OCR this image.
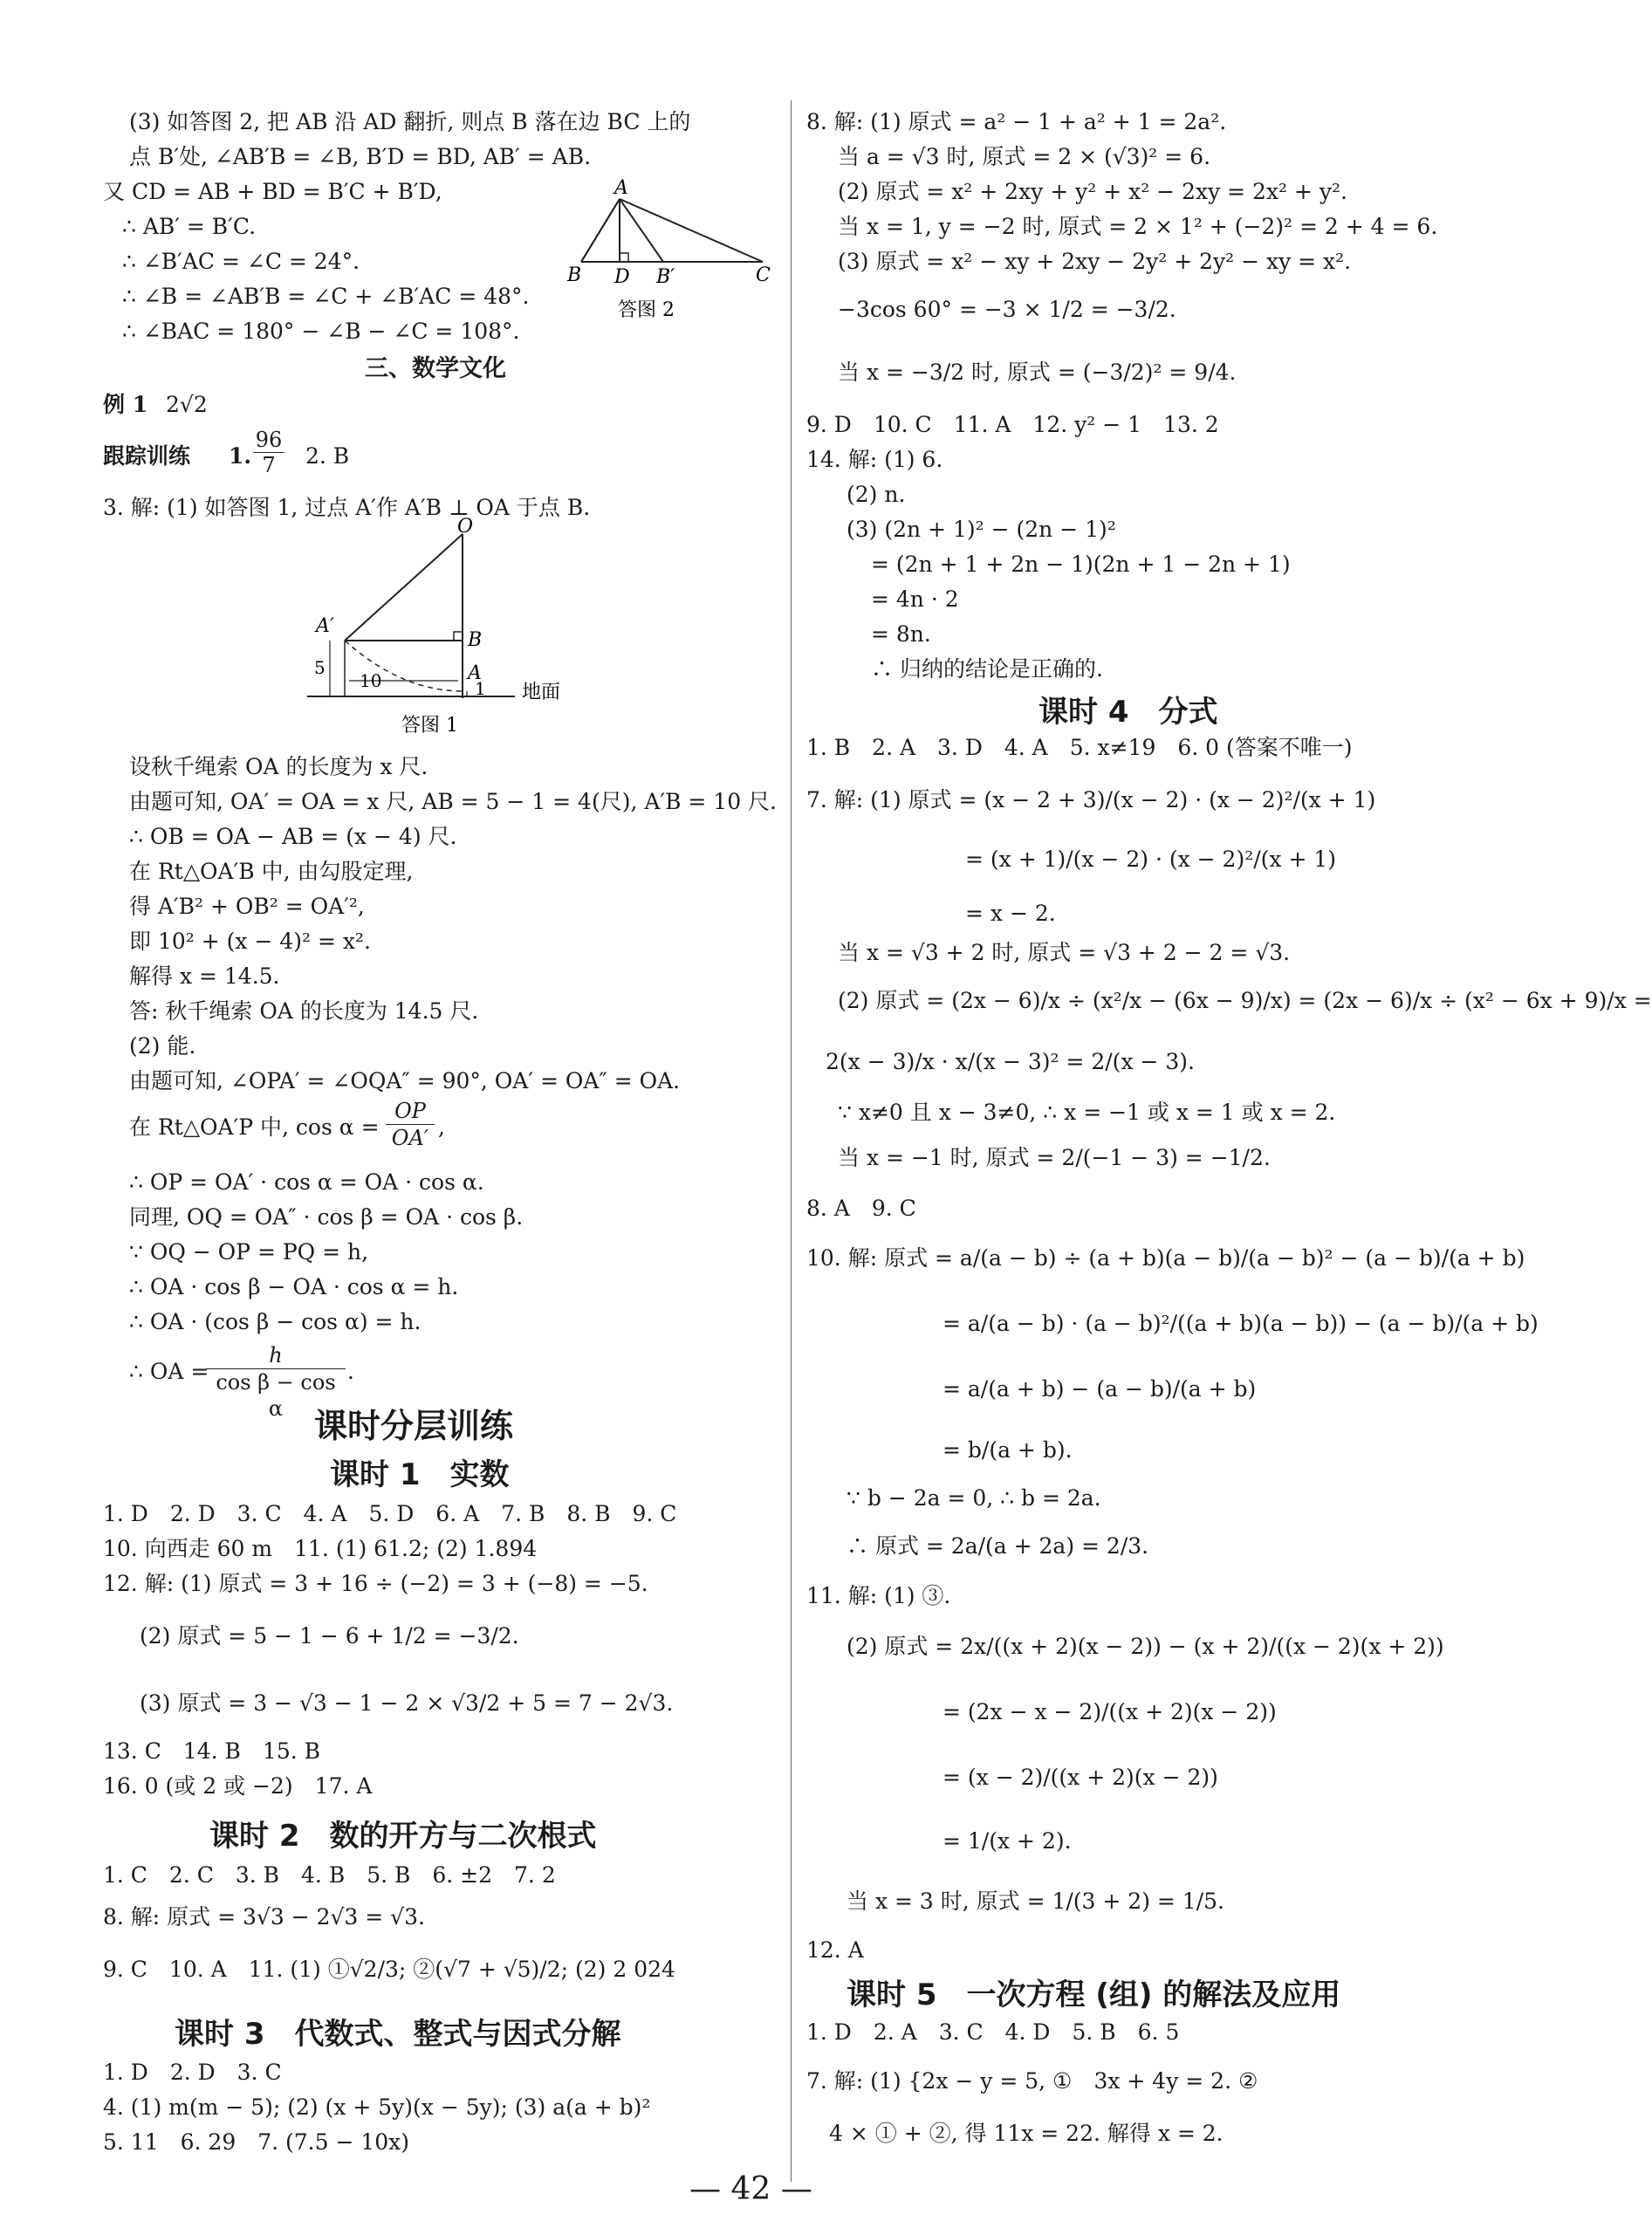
(3) 如答图 2, 把 AB 沿 AD 翻折, 则点 B 落在边 BC 上的
点 B′处, ∠AB′B = ∠B, B′D = BD, AB′ = AB.
又 CD = AB + BD = B′C + B′D,
∴ AB′ = B′C.
∴ ∠B′AC = ∠C = 24°.
∴ ∠B = ∠AB′B = ∠C + ∠B′AC = 48°.
∴ ∠BAC = 180° − ∠B − ∠C = 108°.
A
B D B′	C
答图 2
三、数学文化
例 1 2√2
跟踪训练 1. $\frac{96}{7} 2$. B
3. 解: (1) 如答图 1, 过点 A′作 A′B ⊥ OA 于点 B.
O
A′
B
A
5
10	1 地面
答图 1
设秋千绳索 OA 的长度为 x 尺.
由题可知, OA′ = OA = x 尺, AB = 5 − 1 = 4(尺), A′B = 10 尺.
∴ OB = OA − AB = (x − 4) 尺.
在 Rt△OA′B 中, 由勾股定理,
得 A′B² + OB² = OA′²,
即 10² + (x − 4)² = x².
解得 x = 14.5.
答: 秋千绳索 OA 的长度为 14.5 尺.
(2) 能.
由题可知, ∠OPA′ = ∠OQA″ = 90°, OA′ = OA″ = OA.
在 Rt△OA′P 中, $\cos \alpha = \frac{OP}{OA'}$ ,
∴ OP = OA′ · cos α = OA · cos α.
同理, OQ = OA″ · cos β = OA · cos β.
∵ OQ − OP = PQ = h,
∴ OA · cos β − OA · cos α = h.
∴ OA · (cos β − cos α) = h.
∴ OA =
$\frac{h}{\text{cos β − cos α}}$ .
课时分层训练
课时 1　实数
1. D　2. D　3. C　4. A　5. D　6. A　7. B　8. B　9. C
10. 向西走 60 m　11. (1) 61.2; (2) 1.894
12. 解: (1) 原式 = 3 + 16 ÷ (−2) = 3 + (−8) = −5.
(2) 原式 = 5 − 1 − 6 + 1/2 = −3/2.
(3) 原式 = 3 − √3 − 1 − 2 × √3/2 + 5 = 7 − 2√3.
13. C　14. B　15. B
16. 0 (或 2 或 −2)　17. A
课时 2　数的开方与二次根式
1. C　2. C　3. B　4. B　5. B　6. ±2　7. 2
8. 解: 原式 = 3√3 − 2√3 = √3.
9. C　10. A　11. (1) ①√2/3; ②(√7 + √5)/2; (2) 2 024
课时 3　代数式、整式与因式分解
1. D　2. D　3. C
4. (1) m(m − 5); (2) (x + 5y)(x − 5y); (3) a(a + b)²
5. 11　6. 29　7. (7.5 − 10x)
8. 解: (1) 原式 = a² − 1 + a² + 1 = 2a².
当 a = √3 时, 原式 = 2 × (√3)² = 6.
(2) 原式 = x² + 2xy + y² + x² − 2xy = 2x² + y².
当 x = 1, y = −2 时, 原式 = 2 × 1² + (−2)² = 2 + 4 = 6.
(3) 原式 = x² − xy + 2xy − 2y² + 2y² − xy = x².
−3cos 60° = −3 × 1/2 = −3/2.
当 x = −3/2 时, 原式 = (−3/2)² = 9/4.
9. D　10. C　11. A　12. y² − 1　13. 2
14. 解: (1) 6.
(2) n.
(3) (2n + 1)² − (2n − 1)²
= (2n + 1 + 2n − 1)(2n + 1 − 2n + 1)
= 4n · 2
= 8n.
∴ 归纳的结论是正确的.
课时 4　分式
1. B　2. A　3. D　4. A　5. x≠19　6. 0 (答案不唯一)
7. 解: (1) 原式 = (x − 2 + 3)/(x − 2) · (x − 2)²/(x + 1)
= (x + 1)/(x − 2) · (x − 2)²/(x + 1)
= x − 2.
当 x = √3 + 2 时, 原式 = √3 + 2 − 2 = √3.
(2) 原式 = (2x − 6)/x ÷ (x²/x − (6x − 9)/x) = (2x − 6)/x ÷ (x² − 6x + 9)/x =
2(x − 3)/x · x/(x − 3)² = 2/(x − 3).
∵ x≠0 且 x − 3≠0, ∴ x = −1 或 x = 1 或 x = 2.
当 x = −1 时, 原式 = 2/(−1 − 3) = −1/2.
8. A　9. C
10. 解: 原式 = a/(a − b) ÷ (a + b)(a − b)/(a − b)² − (a − b)/(a + b)
= a/(a − b) · (a − b)²/((a + b)(a − b)) − (a − b)/(a + b)
= a/(a + b) − (a − b)/(a + b)
= b/(a + b).
∵ b − 2a = 0, ∴ b = 2a.
∴ 原式 = 2a/(a + 2a) = 2/3.
11. 解: (1) ③.
(2) 原式 = 2x/((x + 2)(x − 2)) − (x + 2)/((x − 2)(x + 2))
= (2x − x − 2)/((x + 2)(x − 2))
= (x − 2)/((x + 2)(x − 2))
= 1/(x + 2).
当 x = 3 时, 原式 = 1/(3 + 2) = 1/5.
12. A
课时 5　一次方程 (组) 的解法及应用
1. D　2. A　3. C　4. D　5. B　6. 5
7. 解: (1) {2x − y = 5, ①　3x + 4y = 2. ②
4 × ① + ②, 得 11x = 22. 解得 x = 2.
— 42 —
